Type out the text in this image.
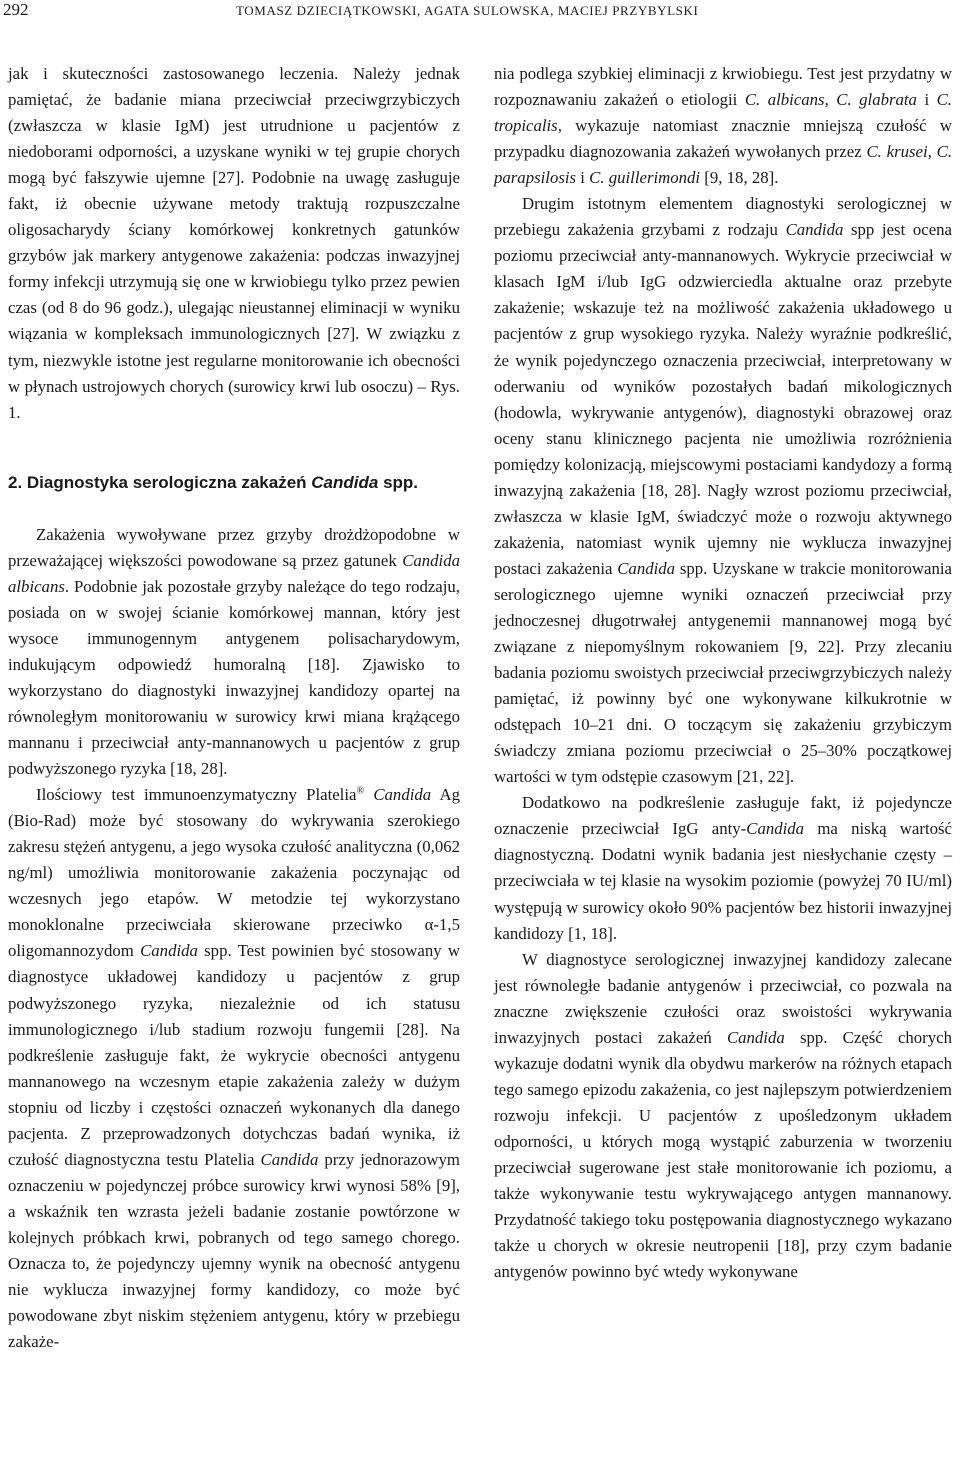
292	TOMASZ DZIECIĄTKOWSKI, AGATA SULOWSKA, MACIEJ PRZYBYLSKI

jak i skuteczności zastosowanego leczenia. Należy jednak pamiętać, że badanie miana przeciwciał przeciwgrzybiczych (zwłaszcza w klasie IgM) jest utrudnione u pacjentów z niedoborami odporności, a uzyskane wyniki w tej grupie chorych mogą być fałszywie ujemne [27]. Podobnie na uwagę zasługuje fakt, iż obecnie używane metody traktują rozpuszczalne oligosacharydy ściany komórkowej konkretnych gatunków grzybów jak markery antygenowe zakażenia: podczas inwazyjnej formy infekcji utrzymują się one w krwiobiegu tylko przez pewien czas (od 8 do 96 godz.), ulegając nieustannej eliminacji w wyniku wiązania w kompleksach immunologicznych [27]. W związku z tym, niezwykle istotne jest regularne monitorowanie ich obecności w płynach ustrojowych chorych (surowicy krwi lub osoczu) – Rys. 1.

2. Diagnostyka serologiczna zakażeń Candida spp.

Zakażenia wywoływane przez grzyby drożdżopodobne w przeważającej większości powodowane są przez gatunek Candida albicans. Podobnie jak pozostałe grzyby należące do tego rodzaju, posiada on w swojej ścianie komórkowej mannan, który jest wysoce immunogennym antygenem polisacharydowym, indukującym odpowiedź humoralną [18]. Zjawisko to wykorzystano do diagnostyki inwazyjnej kandidozy opartej na równoległym monitorowaniu w surowicy krwi miana krążącego mannanu i przeciwciał anty-mannanowych u pacjentów z grup podwyższonego ryzyka [18, 28].

Ilościowy test immunoenzymatyczny Platelia® Candida Ag (Bio-Rad) może być stosowany do wykrywania szerokiego zakresu stężeń antygenu, a jego wysoka czułość analityczna (0,062 ng/ml) umożliwia monitorowanie zakażenia poczynając od wczesnych jego etapów. W metodzie tej wykorzystano monoklonalne przeciwciała skierowane przeciwko α-1,5 oligomannozydom Candida spp. Test powinien być stosowany w diagnostyce układowej kandidozy u pacjentów z grup podwyższonego ryzyka, niezależnie od ich statusu immunologicznego i/lub stadium rozwoju fungemii [28]. Na podkreślenie zasługuje fakt, że wykrycie obecności antygenu mannanowego na wczesnym etapie zakażenia zależy w dużym stopniu od liczby i częstości oznaczeń wykonanych dla danego pacjenta. Z przeprowadzonych dotychczas badań wynika, iż czułość diagnostyczna testu Platelia Candida przy jednorazowym oznaczeniu w pojedynczej próbce surowicy krwi wynosi 58% [9], a wskaźnik ten wzrasta jeżeli badanie zostanie powtórzone w kolejnych próbkach krwi, pobranych od tego samego chorego. Oznacza to, że pojedynczy ujemny wynik na obecność antygenu nie wyklucza inwazyjnej formy kandidozy, co może być powodowane zbyt niskim stężeniem antygenu, który w przebiegu zakaże-

nia podlega szybkiej eliminacji z krwiobiegu. Test jest przydatny w rozpoznawaniu zakażeń o etiologii C. albicans, C. glabrata i C. tropicalis, wykazuje natomiast znacznie mniejszą czułość w przypadku diagnozowania zakażeń wywołanych przez C. krusei, C. parapsilosis i C. guillerimondi [9, 18, 28].

Drugim istotnym elementem diagnostyki serologicznej w przebiegu zakażenia grzybami z rodzaju Candida spp jest ocena poziomu przeciwciał anty-mannanowych. Wykrycie przeciwciał w klasach IgM i/lub IgG odzwierciedla aktualne oraz przebyte zakażenie; wskazuje też na możliwość zakażenia układowego u pacjentów z grup wysokiego ryzyka. Należy wyraźnie podkreślić, że wynik pojedynczego oznaczenia przeciwciał, interpretowany w oderwaniu od wyników pozostałych badań mikologicznych (hodowla, wykrywanie antygenów), diagnostyki obrazowej oraz oceny stanu klinicznego pacjenta nie umożliwia rozróżnienia pomiędzy kolonizacją, miejscowymi postaciami kandydozy a formą inwazyjną zakażenia [18, 28]. Nagły wzrost poziomu przeciwciał, zwłaszcza w klasie IgM, świadczyć może o rozwoju aktywnego zakażenia, natomiast wynik ujemny nie wyklucza inwazyjnej postaci zakażenia Candida spp. Uzyskane w trakcie monitorowania serologicznego ujemne wyniki oznaczeń przeciwciał przy jednoczesnej długotrwałej antygenemii mannanowej mogą być związane z niepomyślnym rokowaniem [9, 22]. Przy zlecaniu badania poziomu swoistych przeciwciał przeciwgrzybiczych należy pamiętać, iż powinny być one wykonywane kilkukrotnie w odstępach 10–21 dni. O toczącym się zakażeniu grzybiczym świadczy zmiana poziomu przeciwciał o 25–30% początkowej wartości w tym odstępie czasowym [21, 22].

Dodatkowo na podkreślenie zasługuje fakt, iż pojedyncze oznaczenie przeciwciał IgG anty-Candida ma niską wartość diagnostyczną. Dodatni wynik badania jest niesłychanie częsty – przeciwciała w tej klasie na wysokim poziomie (powyżej 70 IU/ml) występują w surowicy około 90% pacjentów bez historii inwazyjnej kandidozy [1, 18].

W diagnostyce serologicznej inwazyjnej kandidozy zalecane jest równoległe badanie antygenów i przeciwciał, co pozwala na znaczne zwiększenie czułości oraz swoistości wykrywania inwazyjnych postaci zakażeń Candida spp. Część chorych wykazuje dodatni wynik dla obydwu markerów na różnych etapach tego samego epizodu zakażenia, co jest najlepszym potwierdzeniem rozwoju infekcji. U pacjentów z upośledzonym układem odporności, u których mogą wystąpić zaburzenia w tworzeniu przeciwciał sugerowane jest stałe monitorowanie ich poziomu, a także wykonywanie testu wykrywającego antygen mannanowy. Przydatność takiego toku postępowania diagnostycznego wykazano także u chorych w okresie neutropenii [18], przy czym badanie antygenów powinno być wtedy wykonywane
